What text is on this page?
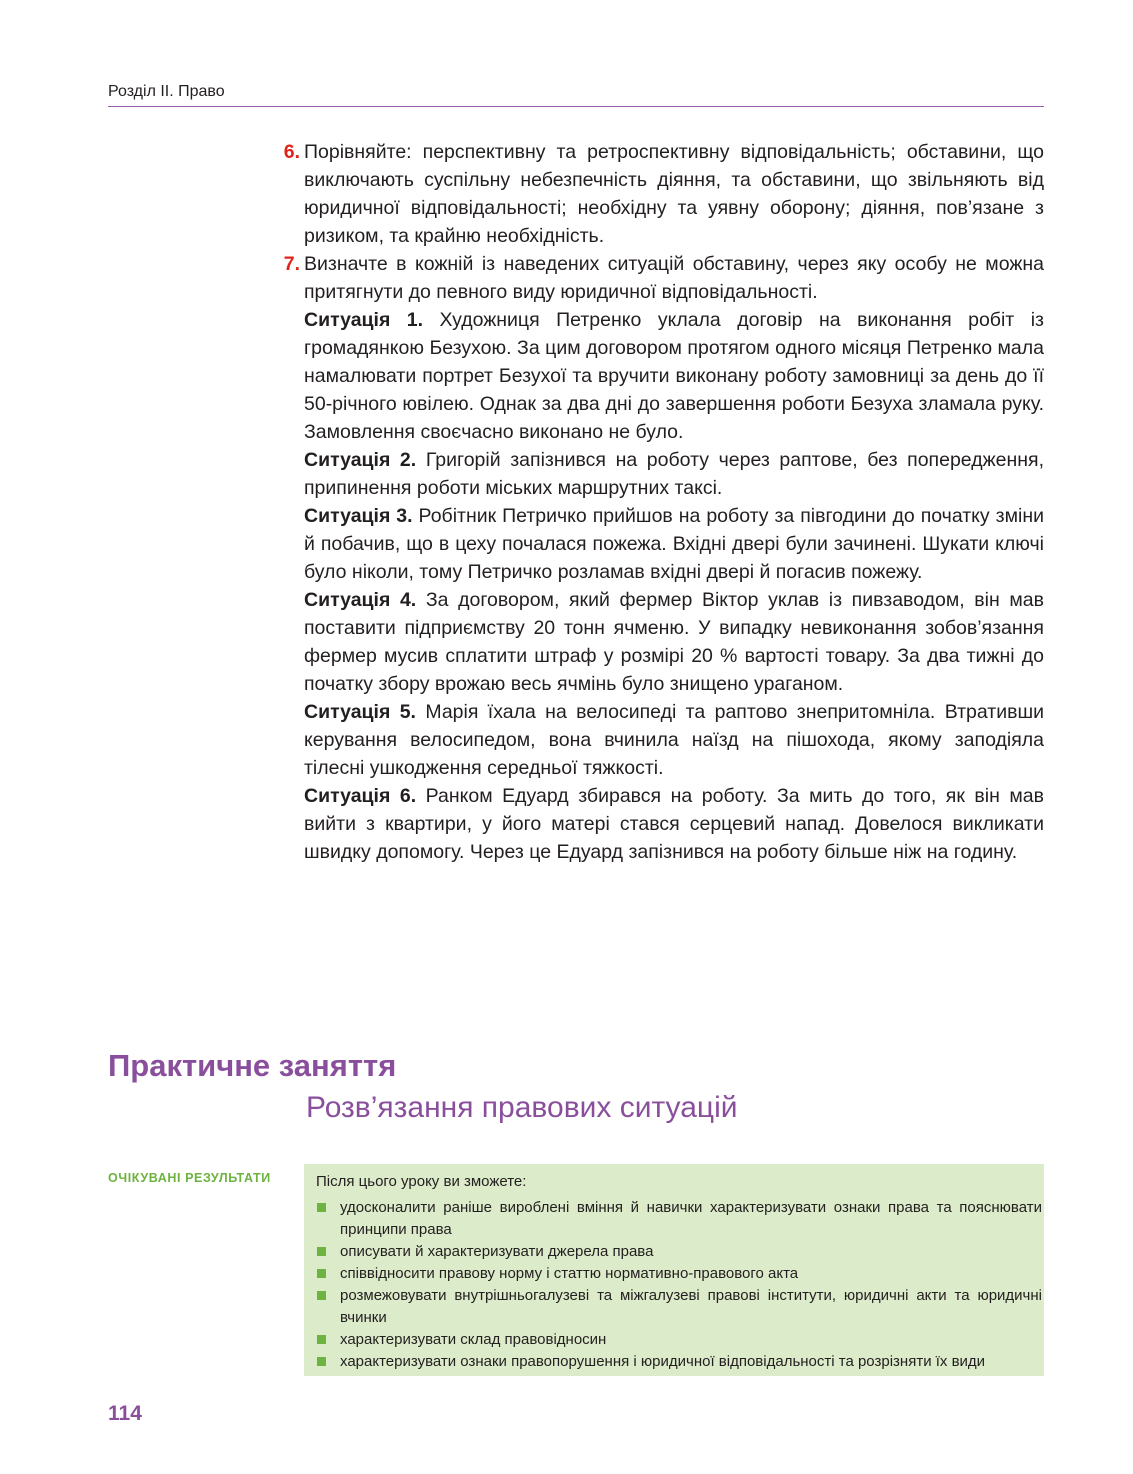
Розділ ІІ. Право
6. Порівняйте: перспективну та ретроспективну відповідальність; обставини, що виключають суспільну небезпечність діяння, та обставини, що звільняють від юридичної відповідальності; необхідну та уявну оборону; діяння, пов’язане з ризиком, та крайню необхідність.

7. Визначте в кожній із наведених ситуацій обставину, через яку особу не можна притягнути до певного виду юридичної відповідальності.

Ситуація 1. Художниця Петренко уклала договір на виконання робіт із громадянкою Безухою. За цим договором протягом одного місяця Петренко мала намалювати портрет Безухої та вручити виконану роботу замовниці за день до її 50-річного ювілею. Однак за два дні до завершення роботи Безуха зламала руку. Замовлення своєчасно виконано не було.

Ситуація 2. Григорій запізнився на роботу через раптове, без попередження, припинення роботи міських маршрутних таксі.

Ситуація 3. Робітник Петричко прийшов на роботу за півгодини до початку зміни й побачив, що в цеху почалася пожежа. Вхідні двері були зачинені. Шукати ключі було ніколи, тому Петричко розламав вхідні двері й погасив пожежу.

Ситуація 4. За договором, який фермер Віктор уклав із пивзаводом, він мав поставити підприємству 20 тонн ячменю. У випадку невиконання зобов’язання фермер мусив сплатити штраф у розмірі 20 % вартості товару. За два тижні до початку збору врожаю весь ячмінь було знищено ураганом.

Ситуація 5. Марія їхала на велосипеді та раптово знепритомніла. Втративши керування велосипедом, вона вчинила наїзд на пішохода, якому заподіяла тілесні ушкодження середньої тяжкості.

Ситуація 6. Ранком Едуард збирався на роботу. За мить до того, як він мав вийти з квартири, у його матері стався серцевий напад. Довелося викликати швидку допомогу. Через це Едуард запізнився на роботу більше ніж на годину.

Практичне заняття
Розв’язання правових ситуацій
ОЧІКУВАНІ РЕЗУЛЬТАТИ	Після цього уроку ви зможете:

удосконалити раніше вироблені вміння й навички характеризувати ознаки права та пояснювати принципи права
описувати й характеризувати джерела права
співвідносити правову норму і статтю нормативно-правового акта
розмежовувати внутрішньогалузеві та міжгалузеві правові інститути, юридичні акти та юридичні вчинки
характеризувати склад правовідносин
характеризувати ознаки правопорушення і юридичної відповідальності та розрізняти їх види
114
